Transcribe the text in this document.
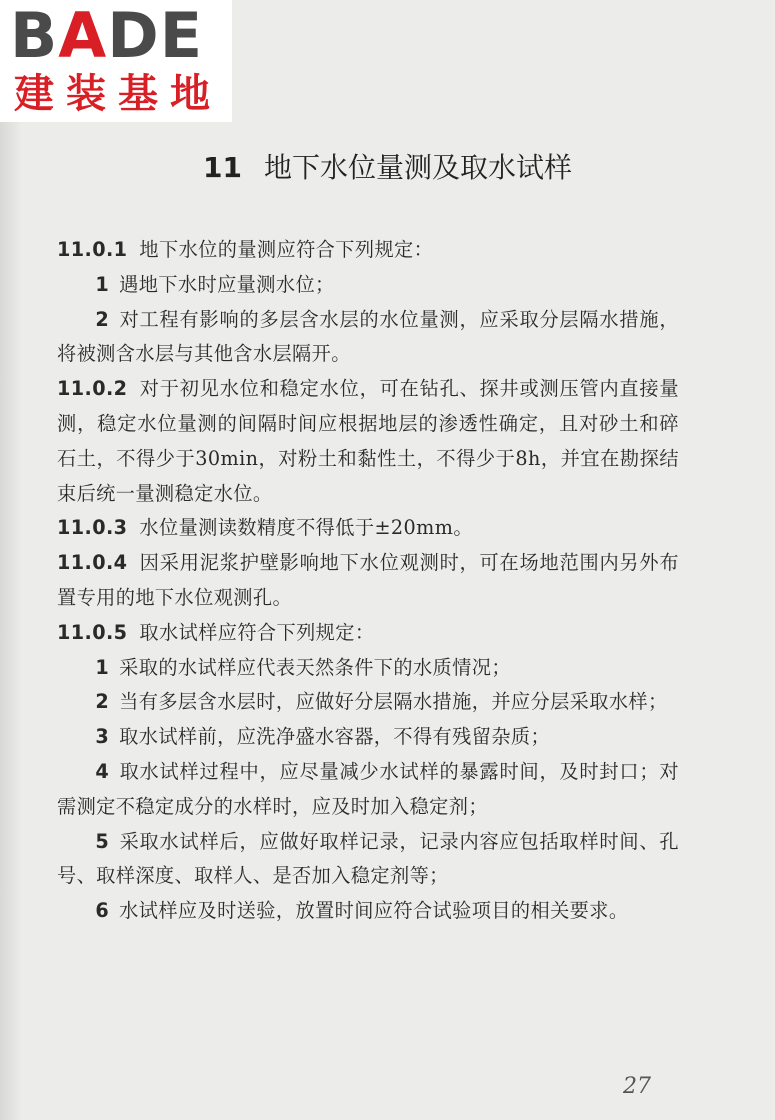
BADE
建装基地
11 地下水位量测及取水试样

11.0.1 地下水位的量测应符合下列规定：

1 遇地下水时应量测水位；

2 对工程有影响的多层含水层的水位量测，应采取分层隔水措施，将被测含水层与其他含水层隔开。

11.0.2 对于初见水位和稳定水位，可在钻孔、探井或测压管内直接量测，稳定水位量测的间隔时间应根据地层的渗透性确定，且对砂土和碎石土，不得少于30min，对粉土和黏性土，不得少于8h，并宜在勘探结束后统一量测稳定水位。

11.0.3 水位量测读数精度不得低于±20mm。

11.0.4 因采用泥浆护壁影响地下水位观测时，可在场地范围内另外布置专用的地下水位观测孔。

11.0.5 取水试样应符合下列规定：

1 采取的水试样应代表天然条件下的水质情况；

2 当有多层含水层时，应做好分层隔水措施，并应分层采取水样；

3 取水试样前，应洗净盛水容器，不得有残留杂质；

4 取水试样过程中，应尽量减少水试样的暴露时间，及时封口；对需测定不稳定成分的水样时，应及时加入稳定剂；

5 采取水试样后，应做好取样记录，记录内容应包括取样时间、孔号、取样深度、取样人、是否加入稳定剂等；

6 水试样应及时送验，放置时间应符合试验项目的相关要求。

27
